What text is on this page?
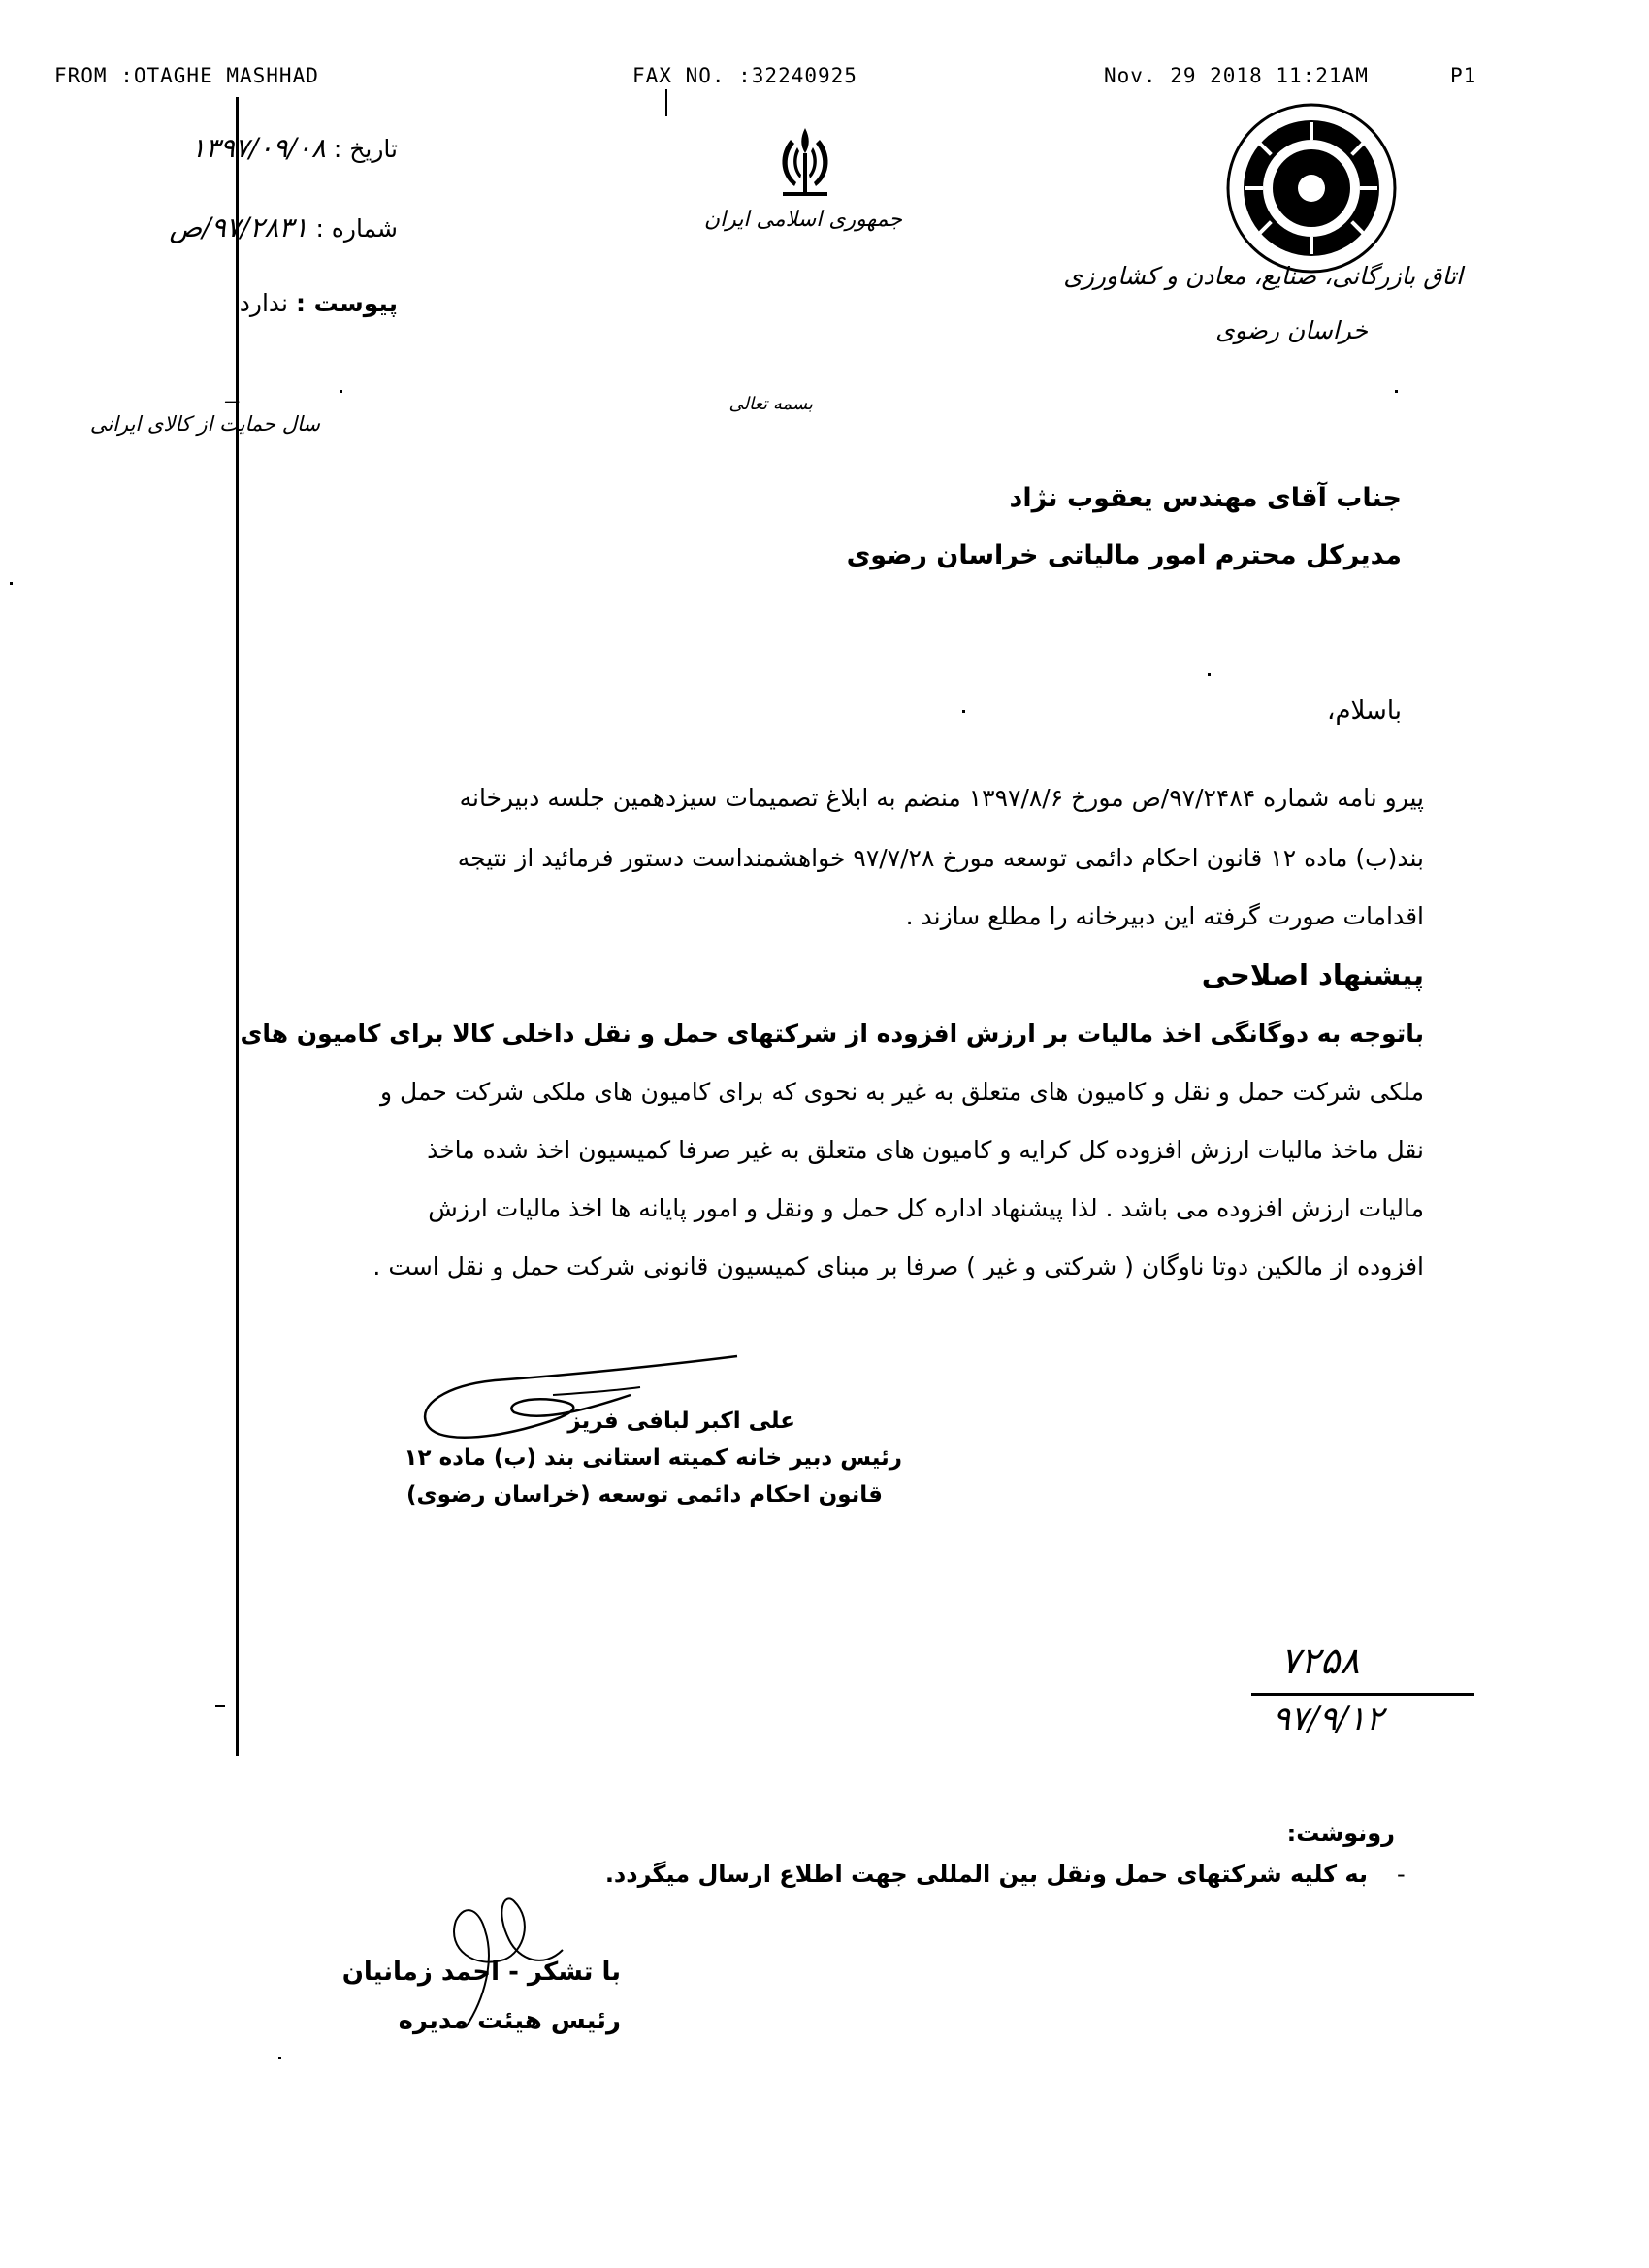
FROM :OTAGHE MASHHAD	FAX NO. :32240925	Nov. 29 2018 11:21AM	P1
تاریخ : ۱۳۹۷/۰۹/۰۸
شماره : ۹۷/۲۸۳۱/ص
پیوست : ندارد
سال حمایت از کالای ایرانی
ـــ
جمهوری اسلامی ایران
اتاق بازرگانی، صنایع، معادن و کشاورزی
خراسان رضوی
بسمه تعالی
جناب آقای مهندس یعقوب نژاد
مدیرکل محترم امور مالیاتی خراسان رضوی
باسلام،
پیرو نامه شماره ۹۷/۲۴۸۴/ص مورخ ۱۳۹۷/۸/۶ منضم به ابلاغ تصمیمات سیزدهمین جلسه دبیرخانه
بند(ب) ماده ۱۲ قانون احکام دائمی توسعه مورخ ۹۷/۷/۲۸ خواهشمنداست دستور فرمائید از نتیجه
اقدامات صورت گرفته این دبیرخانه را مطلع سازند .
پیشنهاد اصلاحی
باتوجه به دوگانگی اخذ مالیات بر ارزش افزوده از شرکتهای حمل و نقل داخلی کالا برای کامیون های
ملکی شرکت حمل و نقل و کامیون های متعلق به غیر به نحوی که برای کامیون های ملکی شرکت حمل و
نقل ماخذ مالیات ارزش افزوده کل کرایه و کامیون های متعلق به غیر صرفا کمیسیون اخذ شده ماخذ
مالیات ارزش افزوده می باشد . لذا پیشنهاد اداره کل حمل و ونقل و امور پایانه ها اخذ مالیات ارزش
افزوده از مالکین دوتا ناوگان ( شرکتی و غیر ) صرفا بر مبنای کمیسیون قانونی شرکت حمل و نقل است .
علی اکبر لبافی فریز
رئیس دبیر خانه کمیته استانی بند (ب) ماده ۱۲
قانون احکام دائمی توسعه (خراسان رضوی)
۷۲۵۸
۹۷/۹/۱۲
رونوشت:
-
به کلیه شرکتهای حمل ونقل بین المللی جهت اطلاع ارسال میگردد.
با تشکر - احمد زمانیان
رئیس هیئت مدیره
